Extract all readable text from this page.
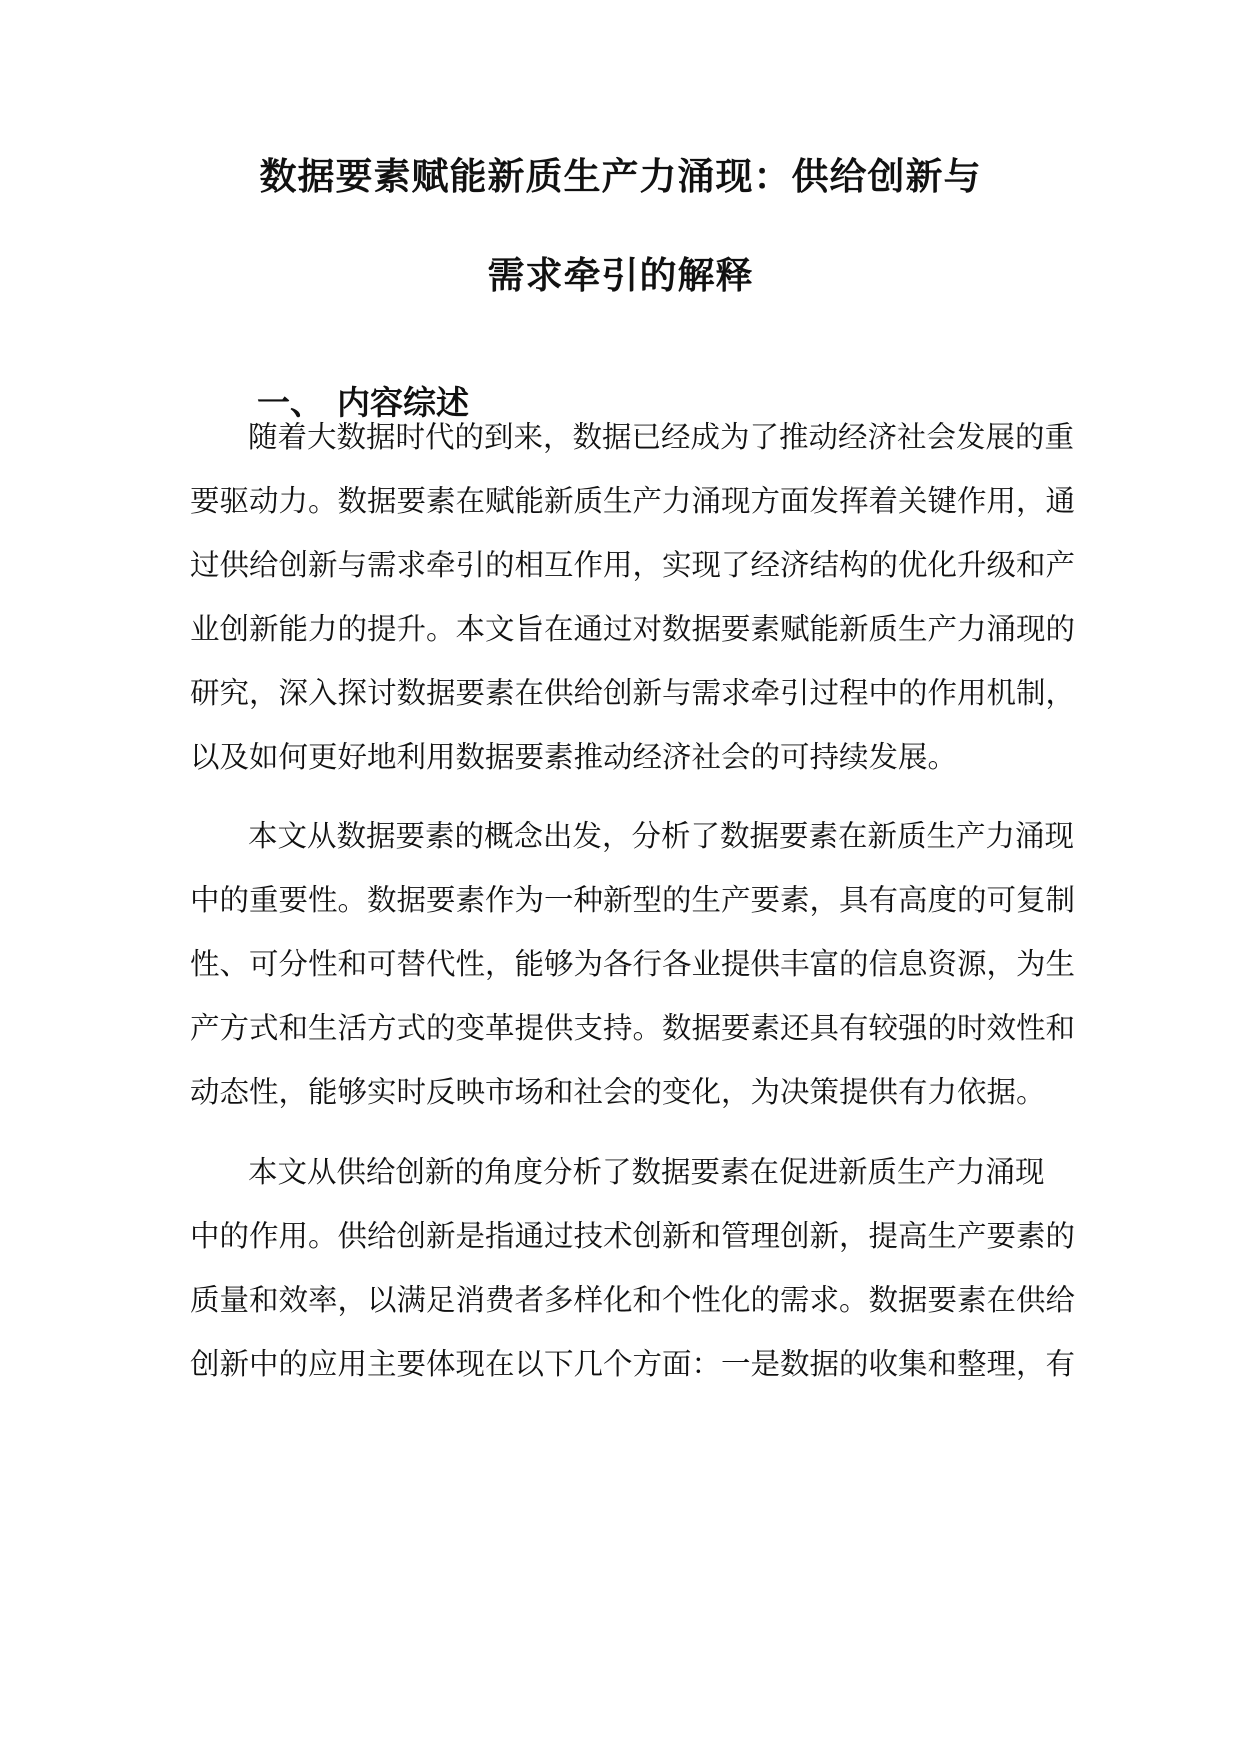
数据要素赋能新质生产力涌现：供给创新与
需求牵引的解释
一、 内容综述
随着大数据时代的到来，数据已经成为了推动经济社会发展的重
要驱动力。数据要素在赋能新质生产力涌现方面发挥着关键作用，通
过供给创新与需求牵引的相互作用，实现了经济结构的优化升级和产
业创新能力的提升。本文旨在通过对数据要素赋能新质生产力涌现的
研究，深入探讨数据要素在供给创新与需求牵引过程中的作用机制，
以及如何更好地利用数据要素推动经济社会的可持续发展。
本文从数据要素的概念出发，分析了数据要素在新质生产力涌现
中的重要性。数据要素作为一种新型的生产要素，具有高度的可复制
性、可分性和可替代性，能够为各行各业提供丰富的信息资源，为生
产方式和生活方式的变革提供支持。数据要素还具有较强的时效性和
动态性，能够实时反映市场和社会的变化，为决策提供有力依据。
本文从供给创新的角度分析了数据要素在促进新质生产力涌现
中的作用。供给创新是指通过技术创新和管理创新，提高生产要素的
质量和效率，以满足消费者多样化和个性化的需求。数据要素在供给
创新中的应用主要体现在以下几个方面：一是数据的收集和整理，有
